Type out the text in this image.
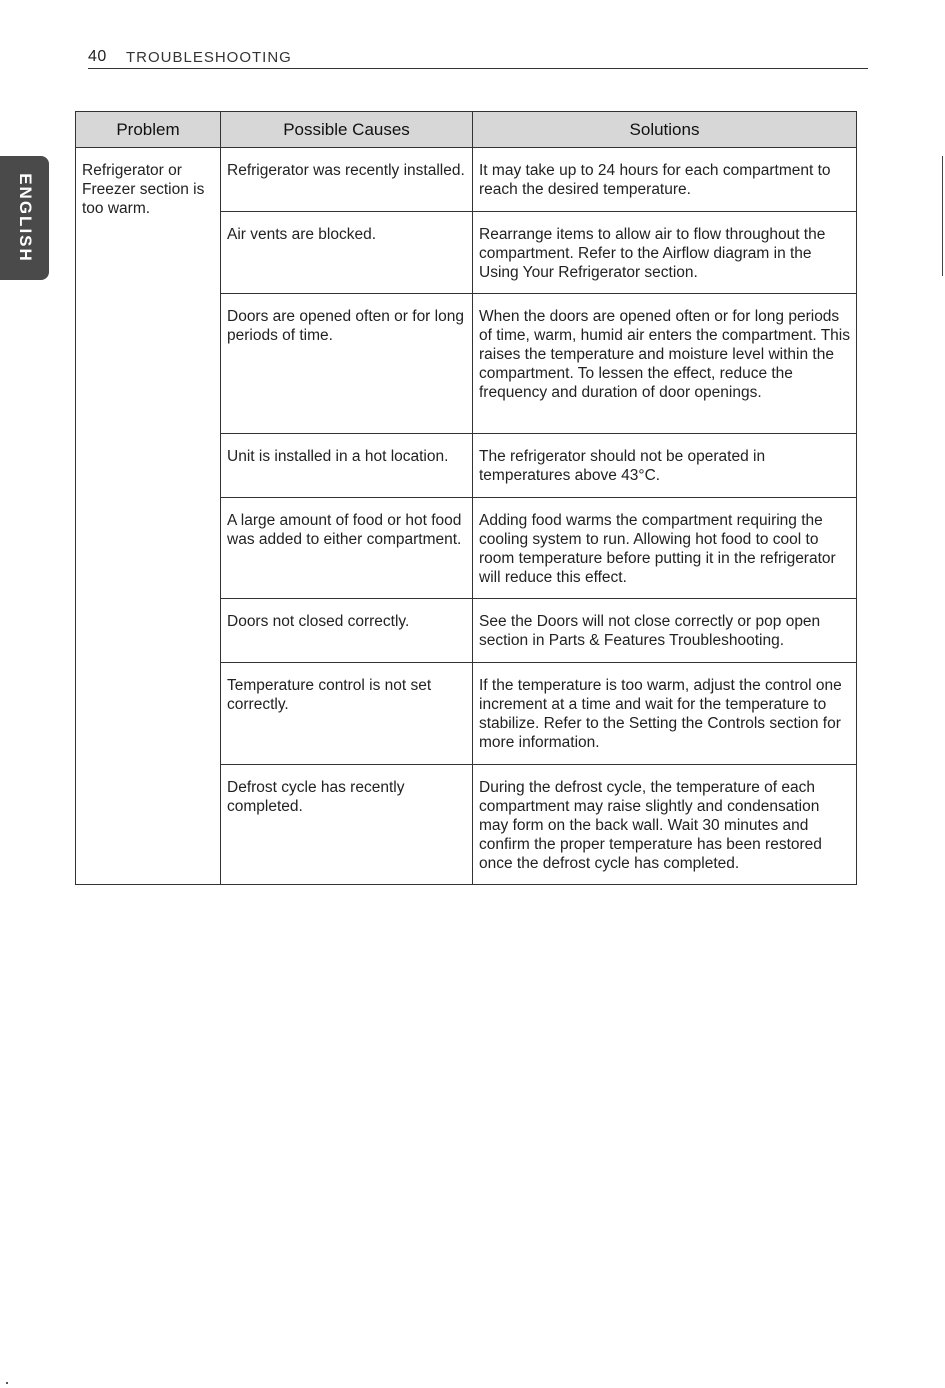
40 TROUBLESHOOTING
ENGLISH
Problem	Possible Causes	Solutions
Refrigerator or Freezer section is too warm.	Refrigerator was recently installed.	It may take up to 24 hours for each compartment to reach the desired temperature.
	Air vents are blocked.	Rearrange items to allow air to flow throughout the compartment. Refer to the Airflow diagram in the Using Your Refrigerator section.
	Doors are opened often or for long periods of time.	When the doors are opened often or for long periods of time, warm, humid air enters the compartment. This raises the temperature and moisture level within the compartment. To lessen the effect, reduce the frequency and duration of door openings.
	Unit is installed in a hot location.	The refrigerator should not be operated in temperatures above 43°C.
	A large amount of food or hot food was added to either compartment.	Adding food warms the compartment requiring the cooling system to run. Allowing hot food to cool to room temperature before putting it in the refrigerator will reduce this effect.
	Doors not closed correctly.	See the Doors will not close correctly or pop open section in Parts & Features Troubleshooting.
	Temperature control is not set correctly.	If the temperature is too warm, adjust the control one increment at a time and wait for the temperature to stabilize. Refer to the Setting the Controls section for more information.
	Defrost cycle has recently completed.	During the defrost cycle, the temperature of each compartment may raise slightly and condensation may form on the back wall. Wait 30 minutes and confirm the proper temperature has been restored once the defrost cycle has completed.
